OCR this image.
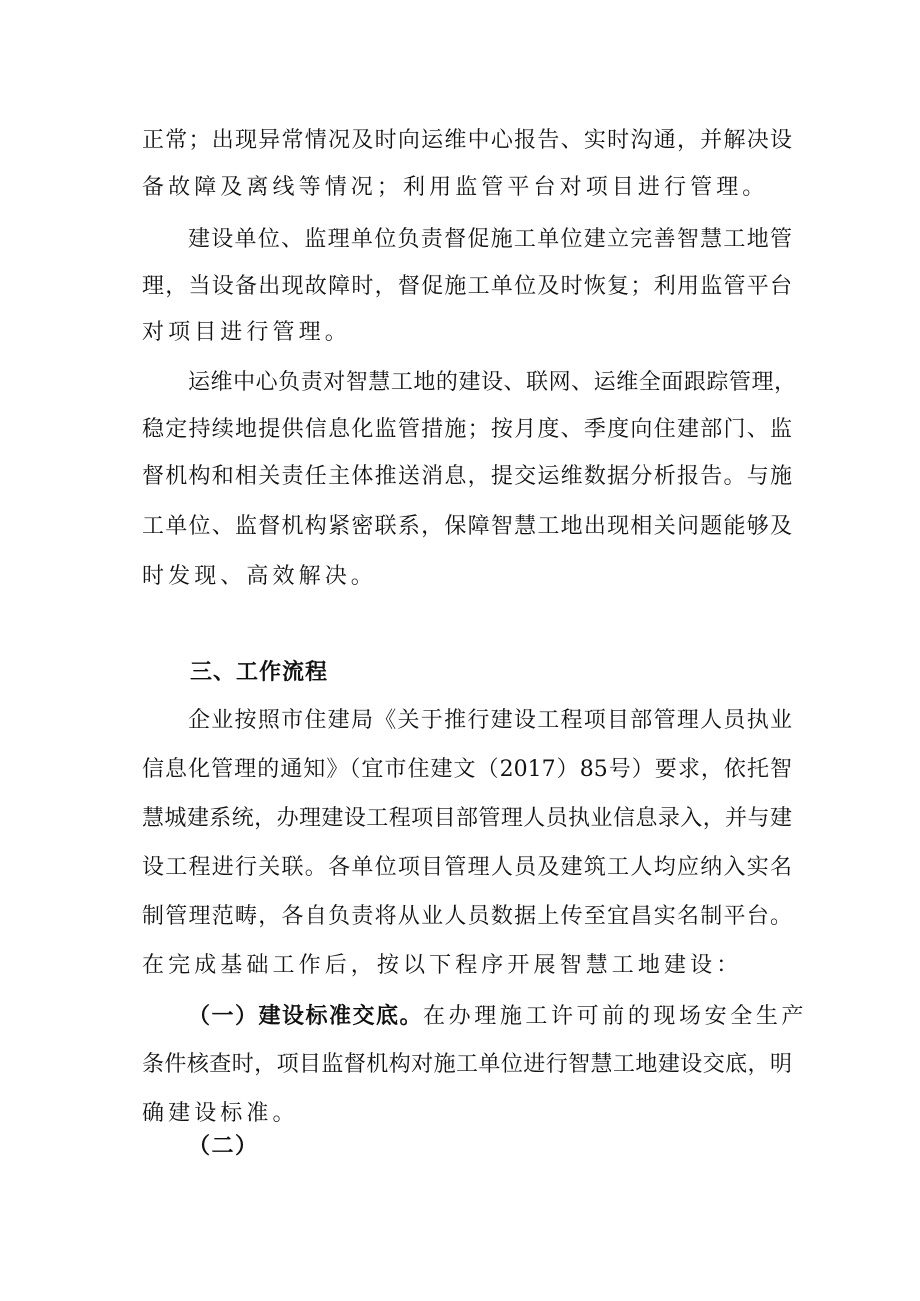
正常；出现异常情况及时向运维中心报告、实时沟通，并解决设
备故障及离线等情况；利用监管平台对项目进行管理。
建设单位、监理单位负责督促施工单位建立完善智慧工地管
理，当设备出现故障时，督促施工单位及时恢复；利用监管平台
对项目进行管理。
运维中心负责对智慧工地的建设、联网、运维全面跟踪管理，
稳定持续地提供信息化监管措施；按月度、季度向住建部门、监
督机构和相关责任主体推送消息，提交运维数据分析报告。与施
工单位、监督机构紧密联系，保障智慧工地出现相关问题能够及
时发现、高效解决。
三、工作流程
企业按照市住建局《关于推行建设工程项目部管理人员执业
信息化管理的通知》（宜市住建文（2017）85号）要求，依托智
慧城建系统，办理建设工程项目部管理人员执业信息录入，并与建
设工程进行关联。各单位项目管理人员及建筑工人均应纳入实名
制管理范畴，各自负责将从业人员数据上传至宜昌实名制平台。
在完成基础工作后，按以下程序开展智慧工地建设：
（一）建设标准交底。在办理施工许可前的现场安全生产
条件核查时，项目监督机构对施工单位进行智慧工地建设交底，明
确建设标准。
（二）
